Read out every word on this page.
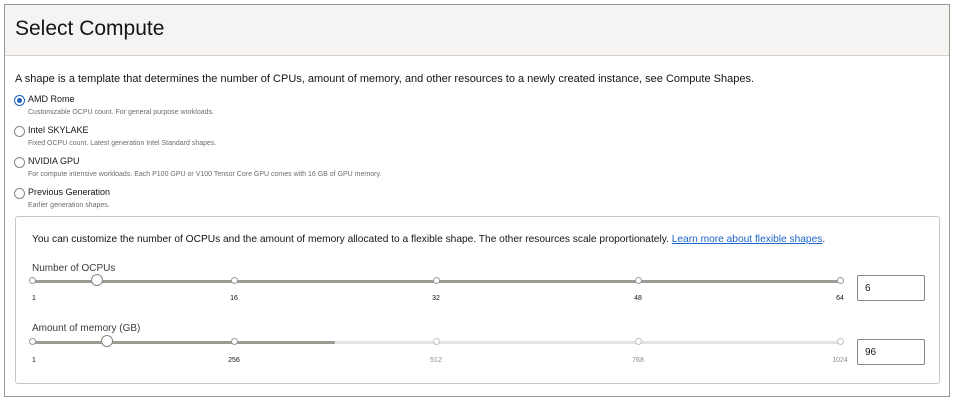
Select Compute
A shape is a template that determines the number of CPUs, amount of memory, and other resources to a newly created instance, see Compute Shapes.
AMD Rome
Customizable OCPU count. For general purpose workloads.
Intel SKYLAKE
Fixed OCPU count. Latest generation Intel Standard shapes.
NVIDIA GPU
For compute intensive workloads. Each P100 GPU or V100 Tensor Core GPU comes with 16 GB of GPU memory.
Previous Generation
Earlier generation shapes.
You can customize the number of OCPUs and the amount of memory allocated to a flexible shape. The other resources scale proportionately. Learn more about flexible shapes.
Number of OCPUs
1	16	32	48	64
6
Amount of memory (GB)
1	256	512	768	1024
96
